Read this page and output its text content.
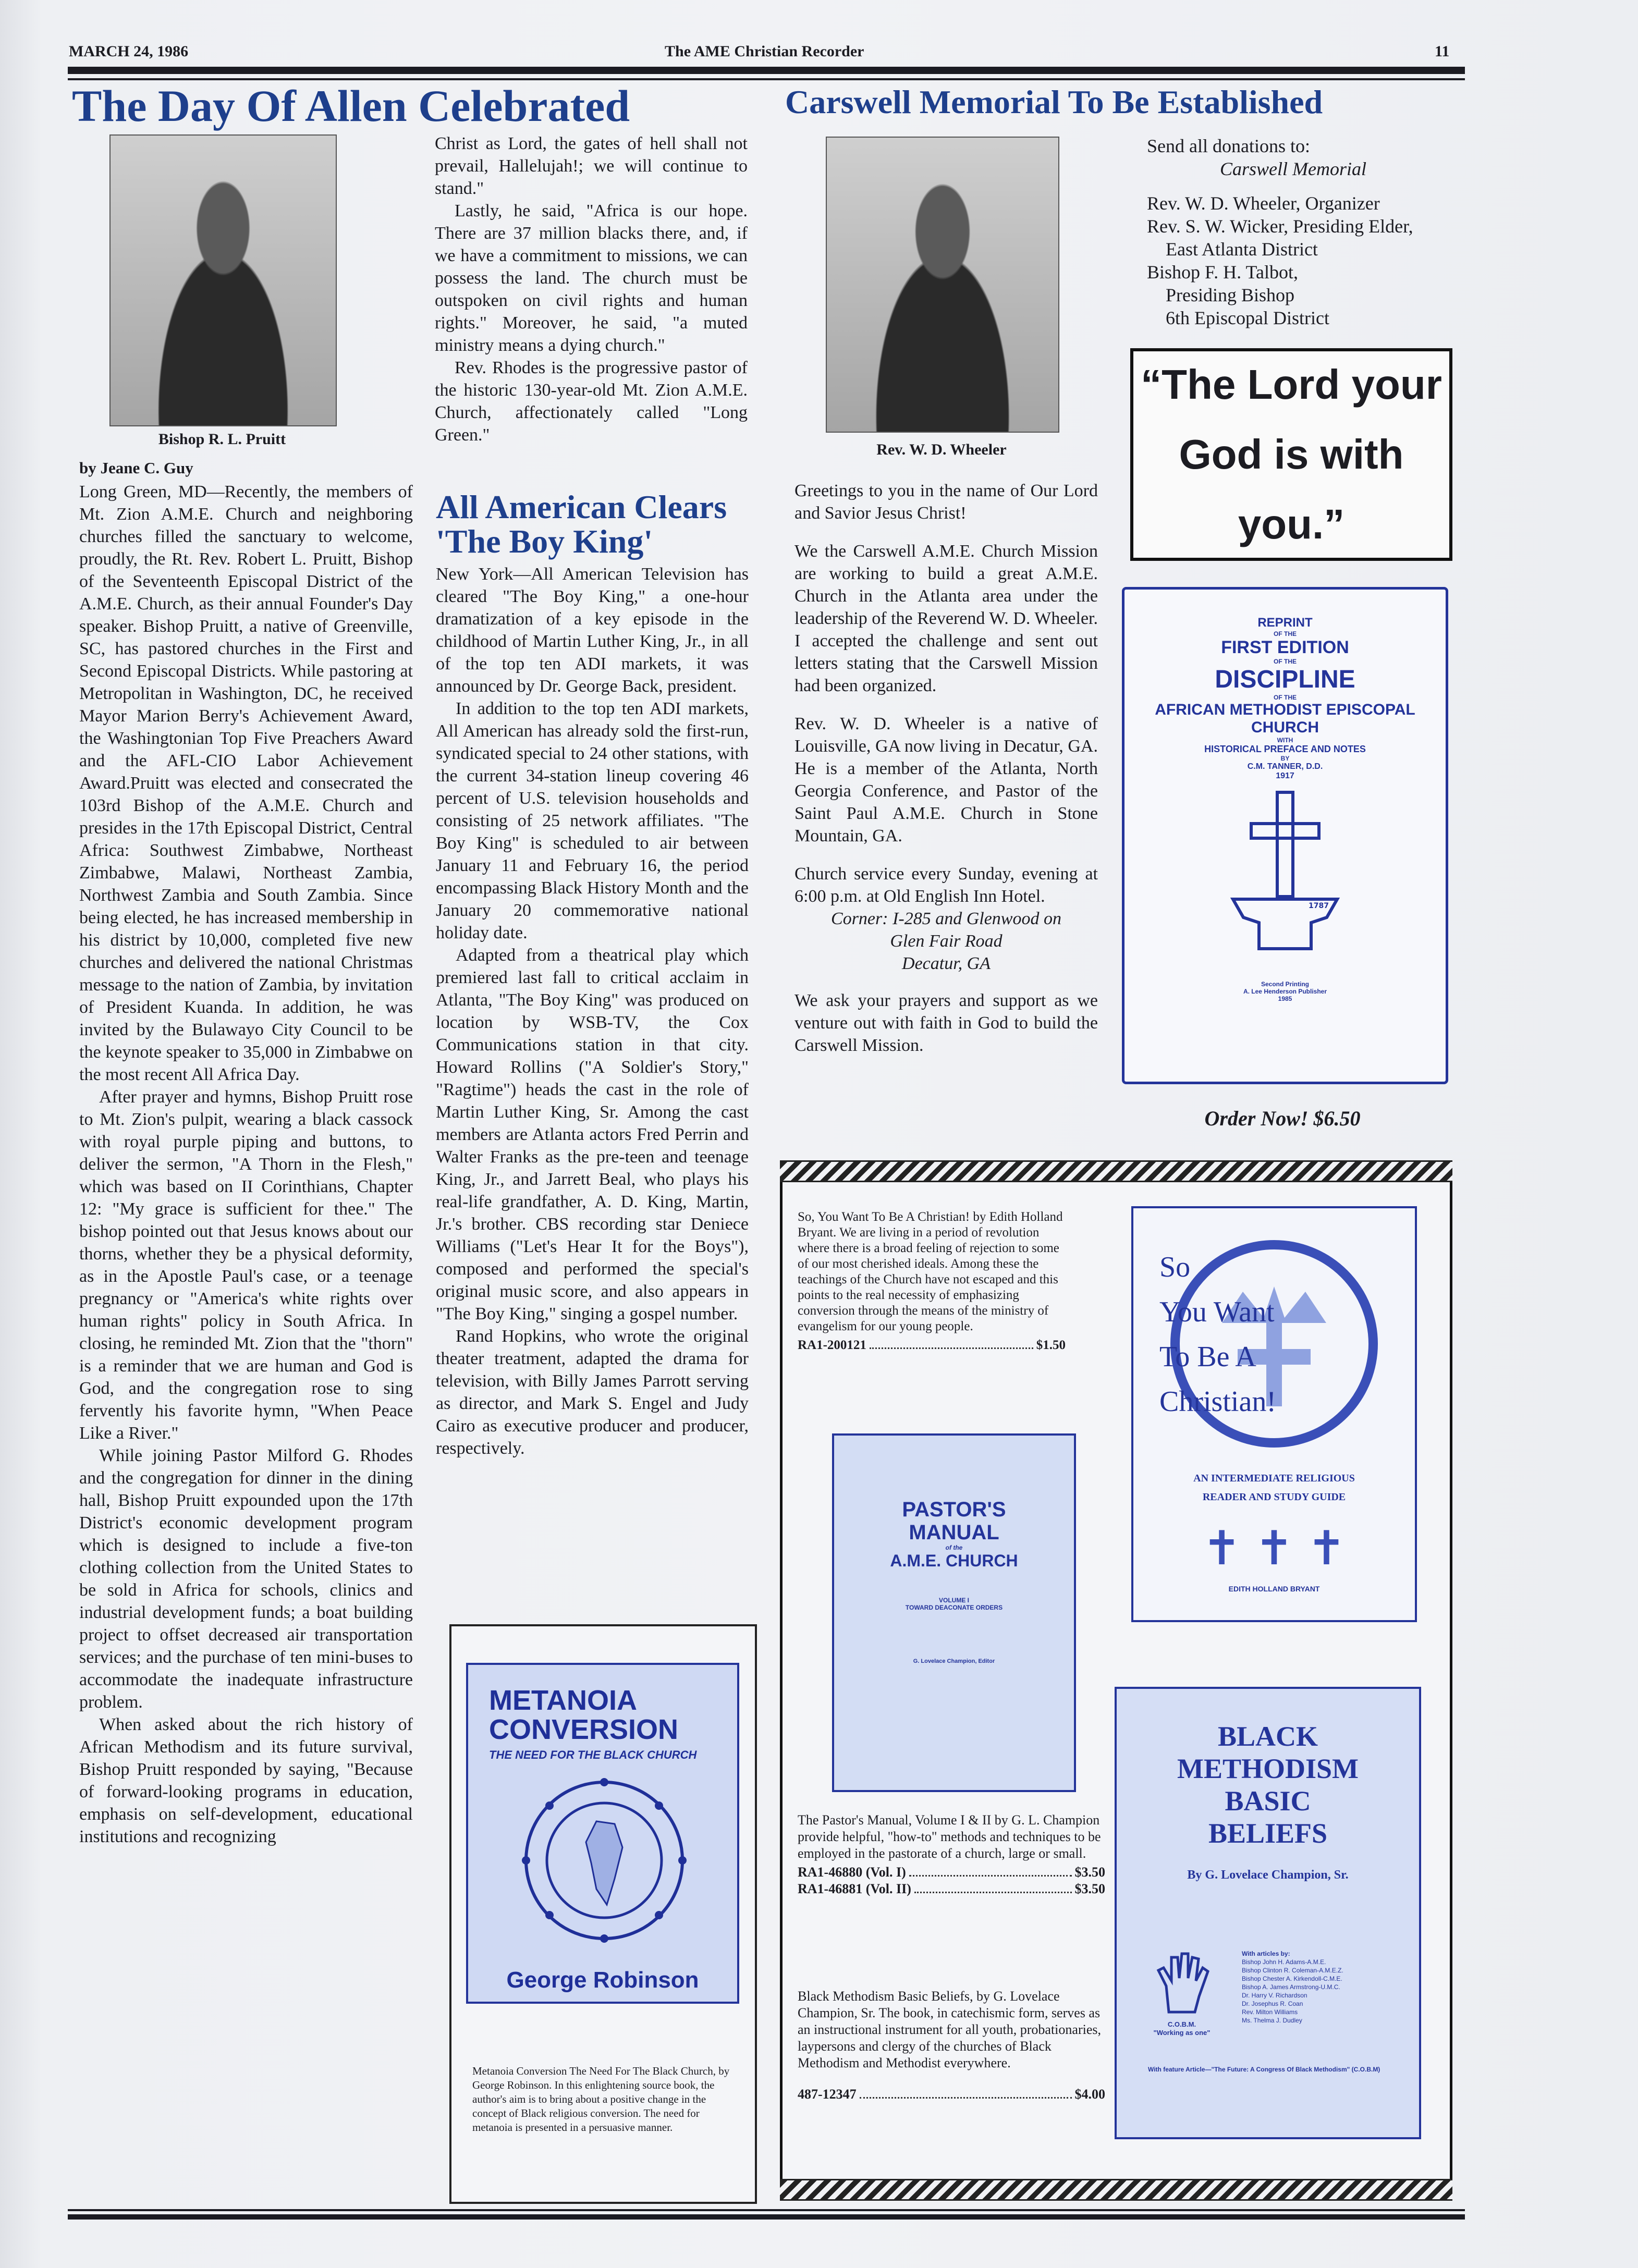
MARCH 24, 1986	The AME Christian Recorder	11
The Day Of Allen Celebrated
Bishop R. L. Pruitt
by Jeane C. Guy

Long Green, MD—Recently, the members of Mt. Zion A.M.E. Church and neighboring churches filled the sanctuary to welcome, proudly, the Rt. Rev. Robert L. Pruitt, Bishop of the Seventeenth Episcopal District of the A.M.E. Church, as their annual Founder's Day speaker. Bishop Pruitt, a native of Greenville, SC, has pastored churches in the First and Second Episcopal Districts. While pastoring at Metropolitan in Washington, DC, he received Mayor Marion Berry's Achievement Award, the Washingtonian Top Five Preachers Award and the AFL-CIO Labor Achievement Award.Pruitt was elected and consecrated the 103rd Bishop of the A.M.E. Church and presides in the 17th Episcopal District, Central Africa: Southwest Zimbabwe, Northeast Zimbabwe, Malawi, Northeast Zambia, Northwest Zambia and South Zambia. Since being elected, he has increased membership in his district by 10,000, completed five new churches and delivered the national Christmas message to the nation of Zambia, by invitation of President Kuanda. In addition, he was invited by the Bulawayo City Council to be the keynote speaker to 35,000 in Zimbabwe on the most recent All Africa Day.

After prayer and hymns, Bishop Pruitt rose to Mt. Zion's pulpit, wearing a black cassock with royal purple piping and buttons, to deliver the sermon, "A Thorn in the Flesh," which was based on II Corinthians, Chapter 12: "My grace is sufficient for thee." The bishop pointed out that Jesus knows about our thorns, whether they be a physical deformity, as in the Apostle Paul's case, or a teenage pregnancy or "America's white rights over human rights" policy in South Africa. In closing, he reminded Mt. Zion that the "thorn" is a reminder that we are human and God is God, and the congregation rose to sing fervently his favorite hymn, "When Peace Like a River."

While joining Pastor Milford G. Rhodes and the congregation for dinner in the dining hall, Bishop Pruitt expounded upon the 17th District's economic development program which is designed to include a five-ton clothing collection from the United States to be sold in Africa for schools, clinics and industrial development funds; a boat building project to offset decreased air transportation services; and the purchase of ten mini-buses to accommodate the inadequate infrastructure problem.

When asked about the rich history of African Methodism and its future survival, Bishop Pruitt responded by saying, "Because of forward-looking programs in education, emphasis on self-development, educational institutions and recognizing

Christ as Lord, the gates of hell shall not prevail, Hallelujah!; we will continue to stand."

Lastly, he said, "Africa is our hope. There are 37 million blacks there, and, if we have a commitment to missions, we can possess the land. The church must be outspoken on civil rights and human rights." Moreover, he said, "a muted ministry means a dying church."

Rev. Rhodes is the progressive pastor of the historic 130-year-old Mt. Zion A.M.E. Church, affectionately called "Long Green."

All American Clears 'The Boy King'

New York—All American Television has cleared "The Boy King," a one-hour dramatization of a key episode in the childhood of Martin Luther King, Jr., in all of the top ten ADI markets, it was announced by Dr. George Back, president.

In addition to the top ten ADI markets, All American has already sold the first-run, syndicated special to 24 other stations, with the current 34-station lineup covering 46 percent of U.S. television households and consisting of 25 network affiliates. "The Boy King" is scheduled to air between January 11 and February 16, the period encompassing Black History Month and the January 20 commemorative national holiday date.

Adapted from a theatrical play which premiered last fall to critical acclaim in Atlanta, "The Boy King" was produced on location by WSB-TV, the Cox Communications station in that city. Howard Rollins ("A Soldier's Story," "Ragtime") heads the cast in the role of Martin Luther King, Sr. Among the cast members are Atlanta actors Fred Perrin and Walter Franks as the pre-teen and teenage King, Jr., and Jarrett Beal, who plays his real-life grandfather, A. D. King, Martin, Jr.'s brother. CBS recording star Deniece Williams ("Let's Hear It for the Boys"), composed and performed the special's original music score, and also appears in "The Boy King," singing a gospel number.

Rand Hopkins, who wrote the original theater treatment, adapted the drama for television, with Billy James Parrott serving as director, and Mark S. Engel and Judy Cairo as executive producer and producer, respectively.

METANOIA CONVERSION
THE NEED FOR THE BLACK CHURCH
George Robinson
Metanoia Conversion The Need For The Black Church, by George Robinson. In this enlightening source book, the author's aim is to bring about a positive change in the concept of Black religious conversion. The need for metanoia is presented in a persuasive manner.
Carswell Memorial To Be Established
Rev. W. D. Wheeler

Greetings to you in the name of Our Lord and Savior Jesus Christ!

We the Carswell A.M.E. Church Mission are working to build a great A.M.E. Church in the Atlanta area under the leadership of the Reverend W. D. Wheeler. I accepted the challenge and sent out letters stating that the Carswell Mission had been organized.

Rev. W. D. Wheeler is a native of Louisville, GA now living in Decatur, GA. He is a member of the Atlanta, North Georgia Conference, and Pastor of the Saint Paul A.M.E. Church in Stone Mountain, GA.

Church service every Sunday, evening at 6:00 p.m. at Old English Inn Hotel.

Corner: I-285 and Glenwood on
Glen Fair Road
Decatur, GA

We ask your prayers and support as we venture out with faith in God to build the Carswell Mission.

Send all donations to:
Carswell Memorial
Rev. W. D. Wheeler, Organizer
Rev. S. W. Wicker, Presiding Elder,
East Atlanta District
Bishop F. H. Talbot,
Presiding Bishop
6th Episcopal District
“The Lord your God is with you.”
REPRINT
OF THE
FIRST EDITION
OF THE
DISCIPLINE
OF THE
AFRICAN METHODIST EPISCOPAL CHURCH
WITH
HISTORICAL PREFACE AND NOTES
BY
C.M. TANNER, D.D.
1917
1787
Second Printing
A. Lee Henderson Publisher
1985
Order Now! $6.50
So, You Want To Be A Christian! by Edith Holland Bryant. We are living in a period of revolution where there is a broad feeling of rejection to some of our most cherished ideals. Among these the teachings of the Church have not escaped and this points to the real necessity of emphasizing conversion through the means of the ministry of evangelism for our young people.
RA1-200121	$1.50
So
You Want
To Be A
Christian!
AN INTERMEDIATE RELIGIOUS
READER AND STUDY GUIDE
✝ ✝ ✝
EDITH HOLLAND BRYANT
PASTOR'S
MANUAL
of the
A.M.E. CHURCH
VOLUME I
TOWARD DEACONATE ORDERS
G. Lovelace Champion, Editor
The Pastor's Manual, Volume I & II by G. L. Champion provide helpful, "how-to" methods and techniques to be employed in the pastorate of a church, large or small.
RA1-46880 (Vol. I)	$3.50
RA1-46881 (Vol. II)	$3.50
BLACK
METHODISM
BASIC
BELIEFS
By G. Lovelace Champion, Sr.
C.O.B.M.
"Working as one"
With articles by:
Bishop John H. Adams-A.M.E.
Bishop Clinton R. Coleman-A.M.E.Z.
Bishop Chester A. Kirkendoll-C.M.E.
Bishop A. James Armstrong-U.M.C.
Dr. Harry V. Richardson
Dr. Josephus R. Coan
Rev. Milton Williams
Ms. Thelma J. Dudley
With feature Article—"The Future: A Congress Of Black Methodism" (C.O.B.M)
Black Methodism Basic Beliefs, by G. Lovelace Champion, Sr. The book, in catechismic form, serves as an instructional instrument for all youth, probationaries, laypersons and clergy of the churches of Black Methodism and Methodist everywhere.
487-12347	$4.00
